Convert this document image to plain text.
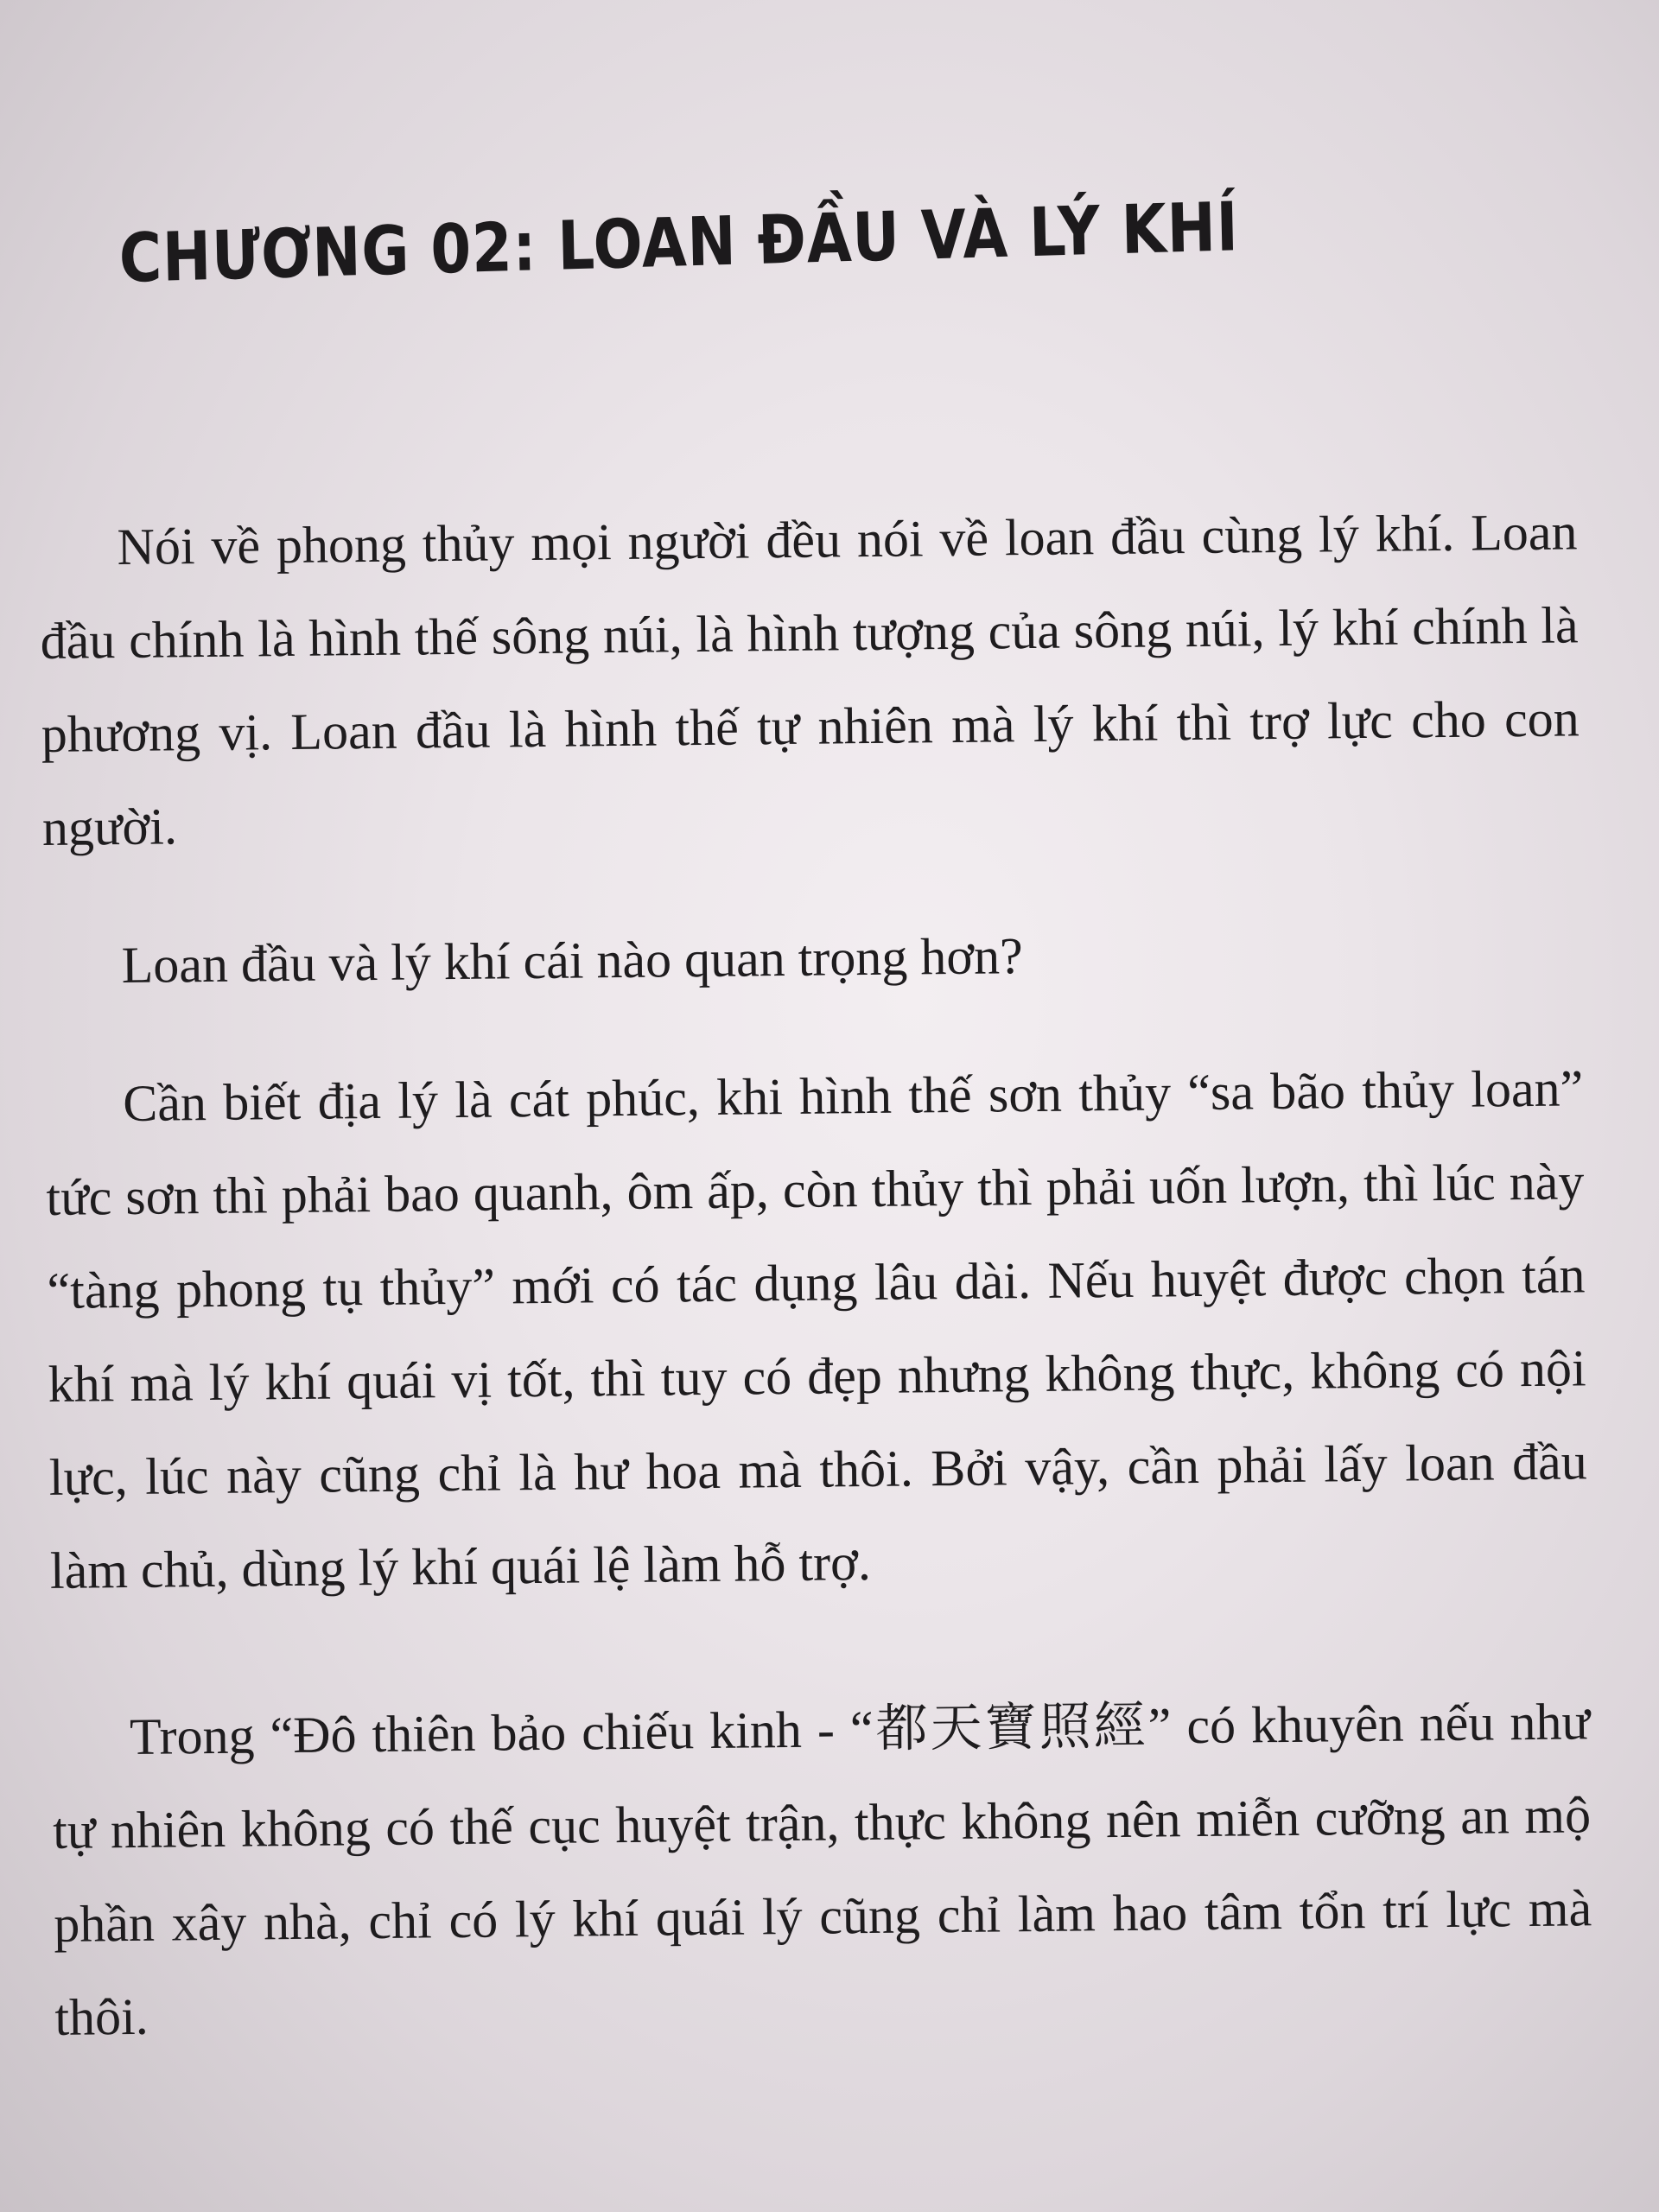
CHƯƠNG 02: LOAN ĐẦU VÀ LÝ KHÍ

Nói về phong thủy mọi người đều nói về loan đầu cùng lý khí. Loan đầu chính là hình thế sông núi, là hình tượng của sông núi, lý khí chính là phương vị. Loan đầu là hình thế tự nhiên mà lý khí thì trợ lực cho con người.

Loan đầu và lý khí cái nào quan trọng hơn?

Cần biết địa lý là cát phúc, khi hình thế sơn thủy “sa bão thủy loan” tức sơn thì phải bao quanh, ôm ấp, còn thủy thì phải uốn lượn, thì lúc này “tàng phong tụ thủy” mới có tác dụng lâu dài. Nếu huyệt được chọn tán khí mà lý khí quái vị tốt, thì tuy có đẹp nhưng không thực, không có nội lực, lúc này cũng chỉ là hư hoa mà thôi. Bởi vậy, cần phải lấy loan đầu làm chủ, dùng lý khí quái lệ làm hỗ trợ.

Trong “Đô thiên bảo chiếu kinh - “都天寶照經” có khuyên nếu như tự nhiên không có thế cục huyệt trận, thực không nên miễn cưỡng an mộ phần xây nhà, chỉ có lý khí quái lý cũng chỉ làm hao tâm tổn trí lực mà thôi.
